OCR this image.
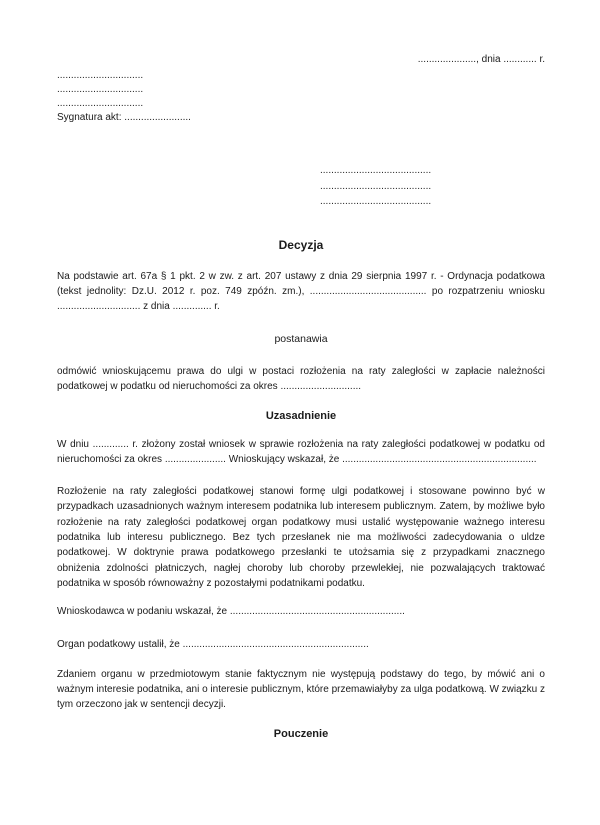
....................., dnia ............ r.
...............................
...............................
...............................
Sygnatura akt: ........................
........................................
........................................
........................................
Decyzja

Na podstawie art. 67a § 1 pkt. 2 w zw. z art. 207 ustawy z dnia 29 sierpnia 1997 r. - Ordynacja podatkowa (tekst jednolity: Dz.U. 2012 r. poz. 749 zpóźn. zm.), .......................................... po rozpatrzeniu wniosku .............................. z dnia .............. r.

postanawia

odmówić wnioskującemu prawa do ulgi w postaci rozłożenia na raty zaległości w zapłacie należności podatkowej w podatku od nieruchomości za okres .............................

Uzasadnienie

W dniu ............. r. złożony został wniosek w sprawie rozłożenia na raty zaległości podatkowej w podatku od nieruchomości za okres ...................... Wnioskujący wskazał, że ......................................................................

Rozłożenie na raty zaległości podatkowej stanowi formę ulgi podatkowej i stosowane powinno być w przypadkach uzasadnionych ważnym interesem podatnika lub interesem publicznym. Zatem, by możliwe było rozłożenie na raty zaległości podatkowej organ podatkowy musi ustalić występowanie ważnego interesu podatnika lub interesu publicznego. Bez tych przesłanek nie ma możliwości zadecydowania o uldze podatkowej. W doktrynie prawa podatkowego przesłanki te utożsamia się z przypadkami znacznego obniżenia zdolności płatniczych, nagłej choroby lub choroby przewlekłej, nie pozwalających traktować podatnika w sposób równoważny z pozostałymi podatnikami podatku.

Wnioskodawca w podaniu wskazał, że ...............................................................

Organ podatkowy ustalił, że ...................................................................

Zdaniem organu w przedmiotowym stanie faktycznym nie występują podstawy do tego, by mówić ani o ważnym interesie podatnika, ani o interesie publicznym, które przemawiałyby za ulga podatkową. W związku z tym orzeczono jak w sentencji decyzji.

Pouczenie
